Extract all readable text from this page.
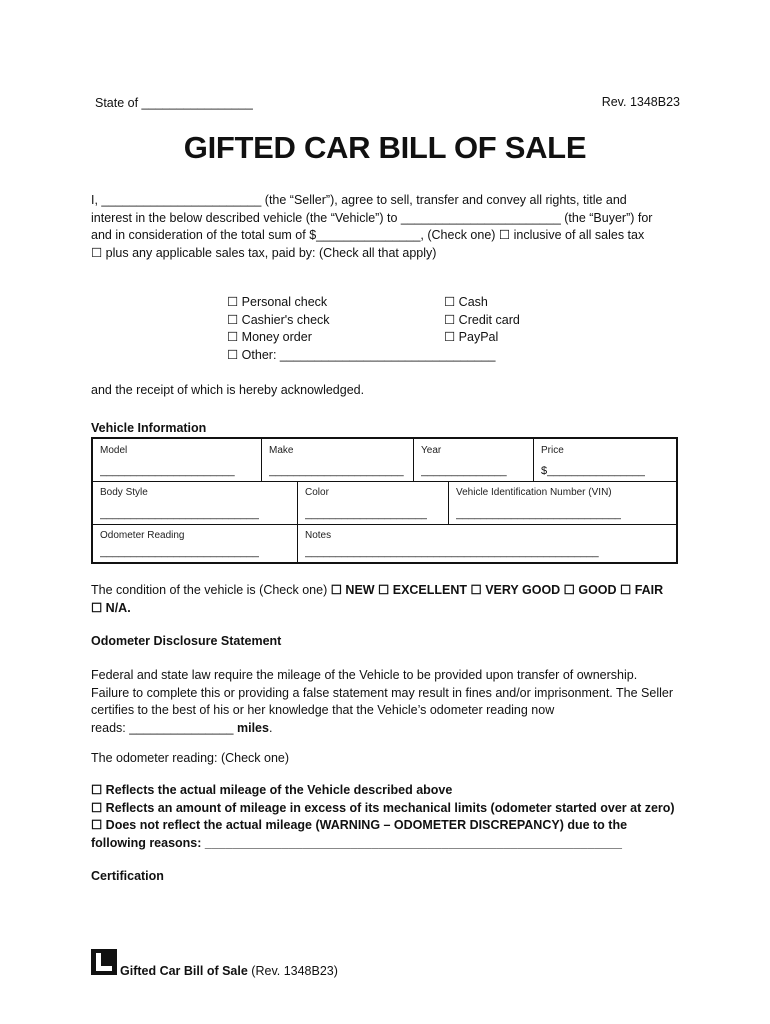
State of ________________	Rev. 1348B23
GIFTED CAR BILL OF SALE
I, _______________________ (the “Seller”), agree to sell, transfer and convey all rights, title and
interest in the below described vehicle (the “Vehicle”) to _______________________ (the “Buyer”) for
and in consideration of the total sum of $_______________, (Check one) ☐ inclusive of all sales tax
☐ plus any applicable sales tax, paid by: (Check all that apply)
☐ Personal check
☐ Cashier's check
☐ Money order
☐ Other: _______________________________
☐ Cash
☐ Credit card
☐ PayPal
and the receipt of which is hereby acknowledged.
Vehicle Information
Model
______________________
Make
______________________
Year
______________
Price
$________________
Body Style
__________________________
Color
____________________
Vehicle Identification Number (VIN)
___________________________
Odometer Reading
__________________________
Notes
________________________________________________
The condition of the vehicle is (Check one) ☐ NEW ☐ EXCELLENT ☐ VERY GOOD ☐ GOOD ☐ FAIR
☐ N/A.
Odometer Disclosure Statement
Federal and state law require the mileage of the Vehicle to be provided upon transfer of ownership.
Failure to complete this or providing a false statement may result in fines and/or imprisonment. The Seller
certifies to the best of his or her knowledge that the Vehicle’s odometer reading now
reads: _______________ miles.
The odometer reading: (Check one)
☐ Reflects the actual mileage of the Vehicle described above
☐ Reflects an amount of mileage in excess of its mechanical limits (odometer started over at zero)
☐ Does not reflect the actual mileage (WARNING – ODOMETER DISCREPANCY) due to the
following reasons: ____________________________________________________________
Certification
Gifted Car Bill of Sale (Rev. 1348B23)
